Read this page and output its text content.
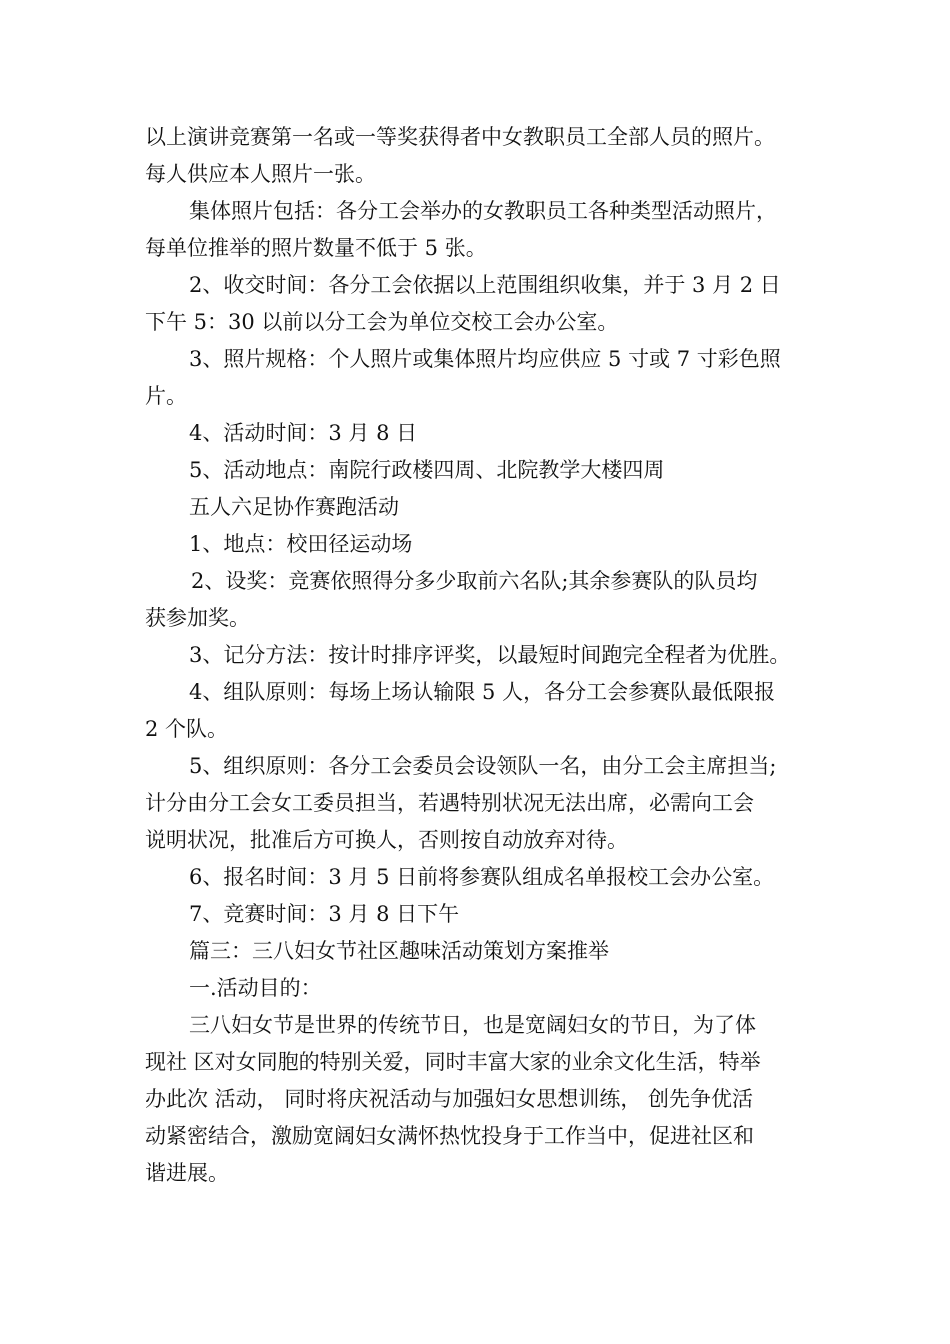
以上演讲竞赛第一名或一等奖获得者中女教职员工全部人员的照片。

每人供应本人照片一张。

集体照片包括：各分工会举办的女教职员工各种类型活动照片，

每单位推举的照片数量不低于 5 张。

2、收交时间：各分工会依据以上范围组织收集，并于 3 月 2 日

下午 5：30 以前以分工会为单位交校工会办公室。

3、照片规格：个人照片或集体照片均应供应 5 寸或 7 寸彩色照

片。

4、活动时间：3 月 8 日

5、活动地点：南院行政楼四周、北院教学大楼四周

五人六足协作赛跑活动

1、地点：校田径运动场

2、设奖：竞赛依照得分多少取前六名队;其余参赛队的队员均

获参加奖。

3、记分方法：按计时排序评奖，以最短时间跑完全程者为优胜。

4、组队原则：每场上场认输限 5 人，各分工会参赛队最低限报

2 个队。

5、组织原则：各分工会委员会设领队一名，由分工会主席担当;

计分由分工会女工委员担当，若遇特别状况无法出席，必需向工会

说明状况，批准后方可换人，否则按自动放弃对待。

6、报名时间：3 月 5 日前将参赛队组成名单报校工会办公室。

7、竞赛时间：3 月 8 日下午

篇三：三八妇女节社区趣味活动策划方案推举

一.活动目的：

三八妇女节是世界的传统节日，也是宽阔妇女的节日，为了体

现社 区对女同胞的特别关爱，同时丰富大家的业余文化生活，特举

办此次 活动， 同时将庆祝活动与加强妇女思想训练， 创先争优活

动紧密结合，激励宽阔妇女满怀热忱投身于工作当中，促进社区和

谐进展。
